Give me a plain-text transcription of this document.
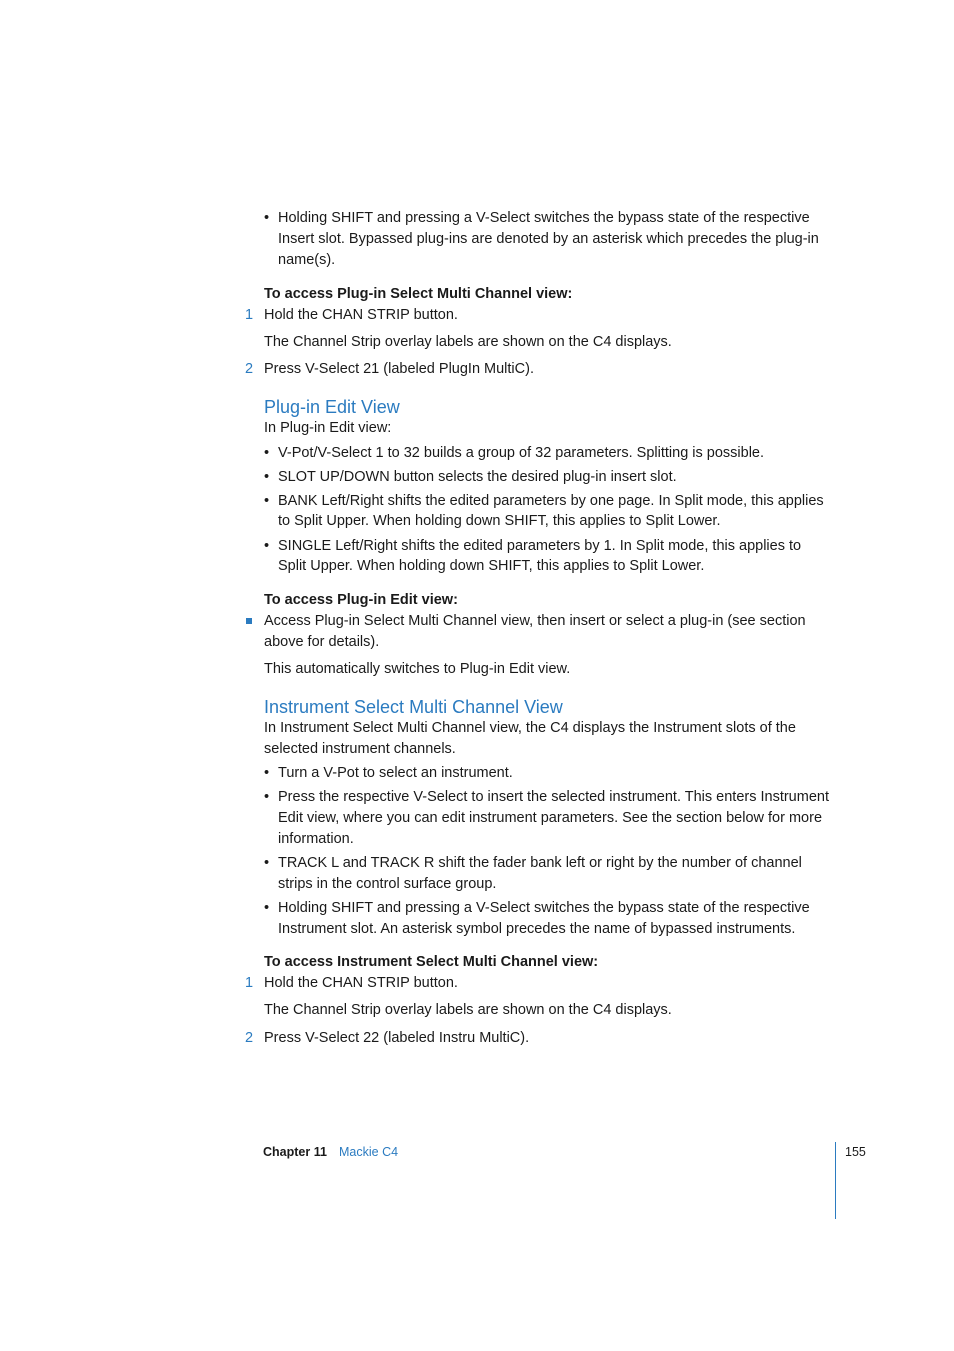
• Holding SHIFT and pressing a V-Select switches the bypass state of the respective
Insert slot. Bypassed plug-ins are denoted by an asterisk which precedes the plug-in
name(s).
To access Plug-in Select Multi Channel view:
1 Hold the CHAN STRIP button.
The Channel Strip overlay labels are shown on the C4 displays.
2 Press V-Select 21 (labeled PlugIn MultiC).
Plug-in Edit View
In Plug-in Edit view:
• V-Pot/V-Select 1 to 32 builds a group of 32 parameters. Splitting is possible.
• SLOT UP/DOWN button selects the desired plug-in insert slot.
• BANK Left/Right shifts the edited parameters by one page. In Split mode, this applies
to Split Upper. When holding down SHIFT, this applies to Split Lower.
• SINGLE Left/Right shifts the edited parameters by 1. In Split mode, this applies to
Split Upper. When holding down SHIFT, this applies to Split Lower.
To access Plug-in Edit view:
Access Plug-in Select Multi Channel view, then insert or select a plug-in (see section
above for details).
This automatically switches to Plug-in Edit view.
Instrument Select Multi Channel View
In Instrument Select Multi Channel view, the C4 displays the Instrument slots of the
selected instrument channels.
• Turn a V-Pot to select an instrument.
• Press the respective V-Select to insert the selected instrument. This enters Instrument
Edit view, where you can edit instrument parameters. See the section below for more
information.
• TRACK L and TRACK R shift the fader bank left or right by the number of channel
strips in the control surface group.
• Holding SHIFT and pressing a V-Select switches the bypass state of the respective
Instrument slot. An asterisk symbol precedes the name of bypassed instruments.
To access Instrument Select Multi Channel view:
1 Hold the CHAN STRIP button.
The Channel Strip overlay labels are shown on the C4 displays.
2 Press V-Select 22 (labeled Instru MultiC).
Chapter 11 Mackie C4	155
